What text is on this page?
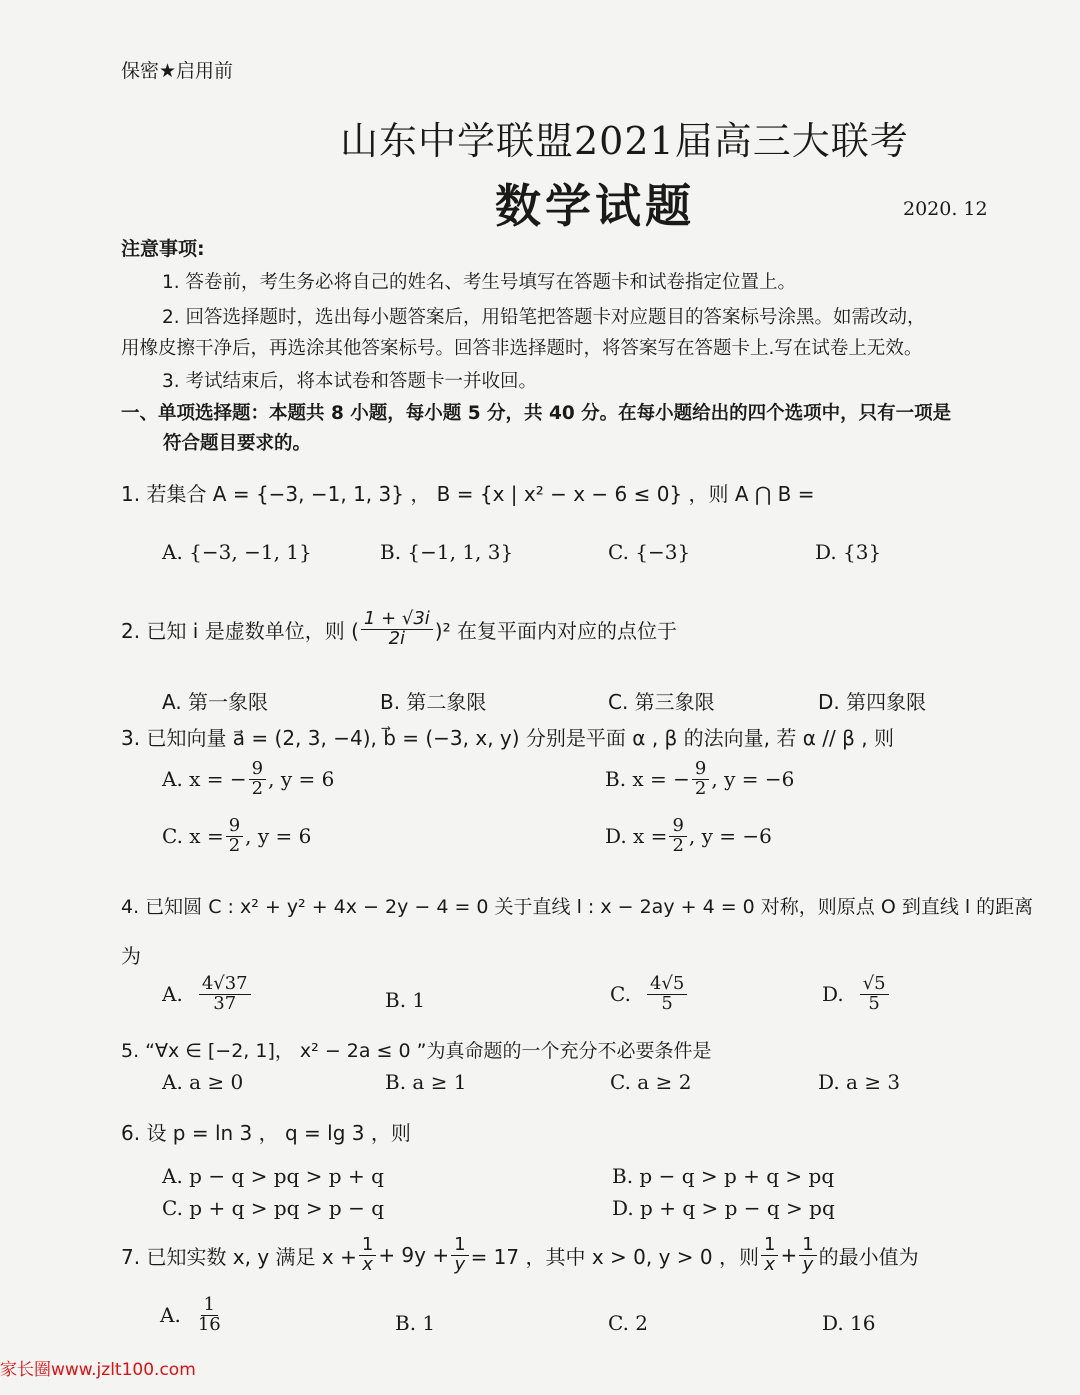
保密★启用前
山东中学联盟2021届高三大联考
数学试题	2020. 12
注意事项:
1. 答卷前，考生务必将自己的姓名、考生号填写在答题卡和试卷指定位置上。
2. 回答选择题时，选出每小题答案后，用铅笔把答题卡对应题目的答案标号涂黑。如需改动，
用橡皮擦干净后，再选涂其他答案标号。回答非选择题时，将答案写在答题卡上.写在试卷上无效。
3. 考试结束后，将本试卷和答题卡一并收回。
一、单项选择题：本题共 8 小题，每小题 5 分，共 40 分。在每小题给出的四个选项中，只有一项是
符合题目要求的。
1. 若集合 A = {−3, −1, 1, 3} ， B = {x | x² − x − 6 ≤ 0} ，则 A ⋂ B =
A. {−3, −1, 1}	B. {−1, 1, 3}	C. {−3}	D. {3}
2. 已知 i 是虚数单位，则 ( $\frac{1 + √3i}{2i} )^2$ 在复平面内对应的点位于
A. 第一象限	B. 第二象限	C. 第三象限	D. 第四象限
3. 已知向量 a⃗ = (2, 3, −4), b⃗ = (−3, x, y) 分别是平面 α , β 的法向量, 若 α // β , 则
A. x = − $\frac{9}{2}$ , y = 6	B. x = − $\frac{9}{2}$ , y = −6
C. $x = \frac{9}{2}$ , y = 6	D. $x = \frac{9}{2}$ , y = −6
4. 已知圆 C : x² + y² + 4x − 2y − 4 = 0 关于直线 l : x − 2ay + 4 = 0 对称，则原点 O 到直线 l 的距离
为
A. $\frac{4√37}{37}$	B. 1	C. $\frac{4√5}{5}$	D. $\frac{√5}{5}$
5. “∀x ∈ [−2, 1]， x² − 2a ≤ 0 ”为真命题的一个充分不必要条件是
A. a ≥ 0	B. a ≥ 1	C. a ≥ 2	D. a ≥ 3
6. 设 p = ln 3 ， q = lg 3 ，则
A. p − q > pq > p + q	B. p − q > p + q > pq
C. p + q > pq > p − q	D. p + q > p − q > pq
7. 已知实数 x, y 满足 $x + \frac{1}{x} + 9y + \frac{1}{y} = 17$ ，其中 x > 0, y > 0 ，则 $\frac{1}{x} + \frac{1}{y}$ 的最小值为
A. $\frac{1}{16}$	B. 1	C. 2	D. 16
家长圈www.jzlt100.com
